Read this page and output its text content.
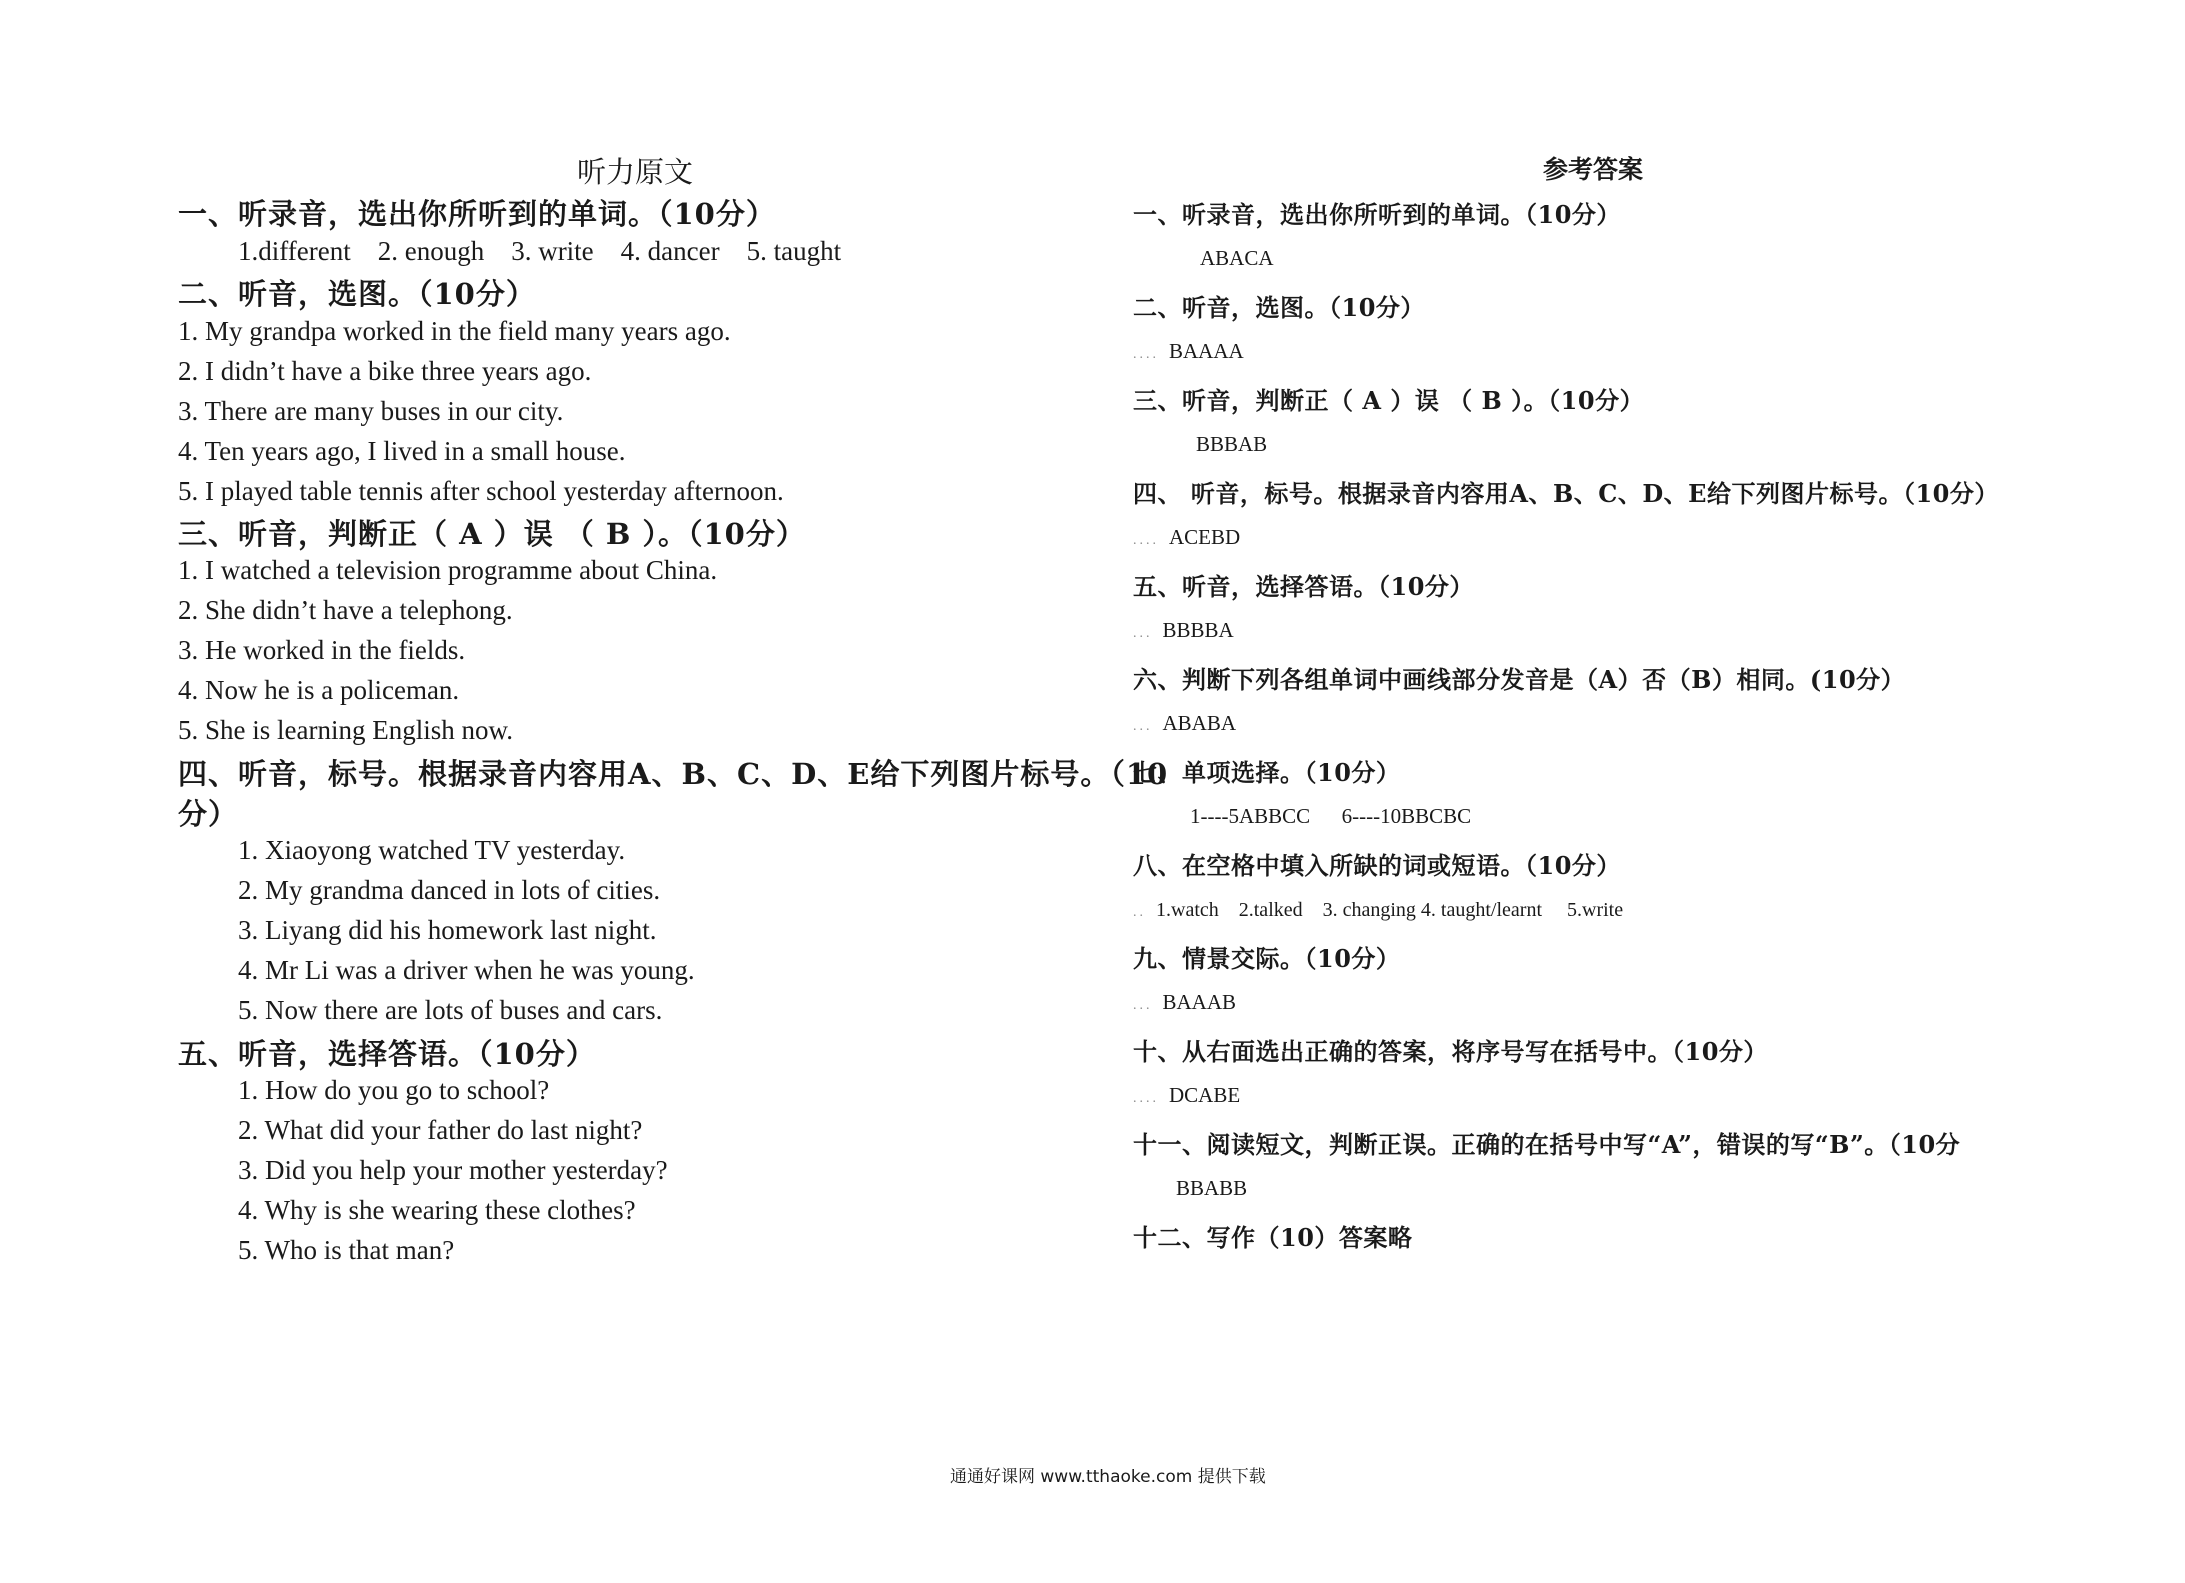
听力原文
一、听录音，选出你所听到的单词。（10分）
1.different    2. enough    3. write    4. dancer    5. taught
二、听音，选图。（10分）
1. My grandpa worked in the field many years ago.
2. I didn’t have a bike three years ago.
3. There are many buses in our city.
4. Ten years ago, I lived in a small house.
5. I played table tennis after school yesterday afternoon.
三、听音，判断正（ A ）误 （ B ）。（10分）
1. I watched a television programme about China.
2. She didn’t have a telephong.
3. He worked in the fields.
4. Now he is a policeman.
5. She is learning English now.
四、听音，标号。根据录音内容用A、B、C、D、E给下列图片标号。（10
分）
1. Xiaoyong watched TV yesterday.
2. My grandma danced in lots of cities.
3. Liyang did his homework last night.
4. Mr Li was a driver when he was young.
5. Now there are lots of buses and cars.
五、听音，选择答语。（10分）
1. How do you go to school?
2. What did your father do last night?
3. Did you help your mother yesterday?
4. Why is she wearing these clothes?
5. Who is that man?
参考答案
一、听录音，选出你所听到的单词。（10分）
ABACA
二、听音，选图。（10分）
.... BAAAA
三、听音，判断正（ A ）误 （ B ）。（10分）
BBBAB
四、 听音，标号。根据录音内容用A、B、C、D、E给下列图片标号。（10分）
.... ACEBD
五、听音，选择答语。（10分）
... BBBBA
六、判断下列各组单词中画线部分发音是（A）否（B）相同。(10分）
... ABABA
七、单项选择。（10分）
1----5ABBCC      6----10BBCBC
八、在空格中填入所缺的词或短语。（10分）
.. 1.watch    2.talked    3. changing 4. taught/learnt     5.write
九、情景交际。（10分）
... BAAAB
十、从右面选出正确的答案，将序号写在括号中。（10分）
.... DCABE
十一、阅读短文，判断正误。正确的在括号中写“A”，错误的写“B”。（10分
BBABB
十二、写作（10）答案略
通通好课网 www.tthaoke.com 提供下载
